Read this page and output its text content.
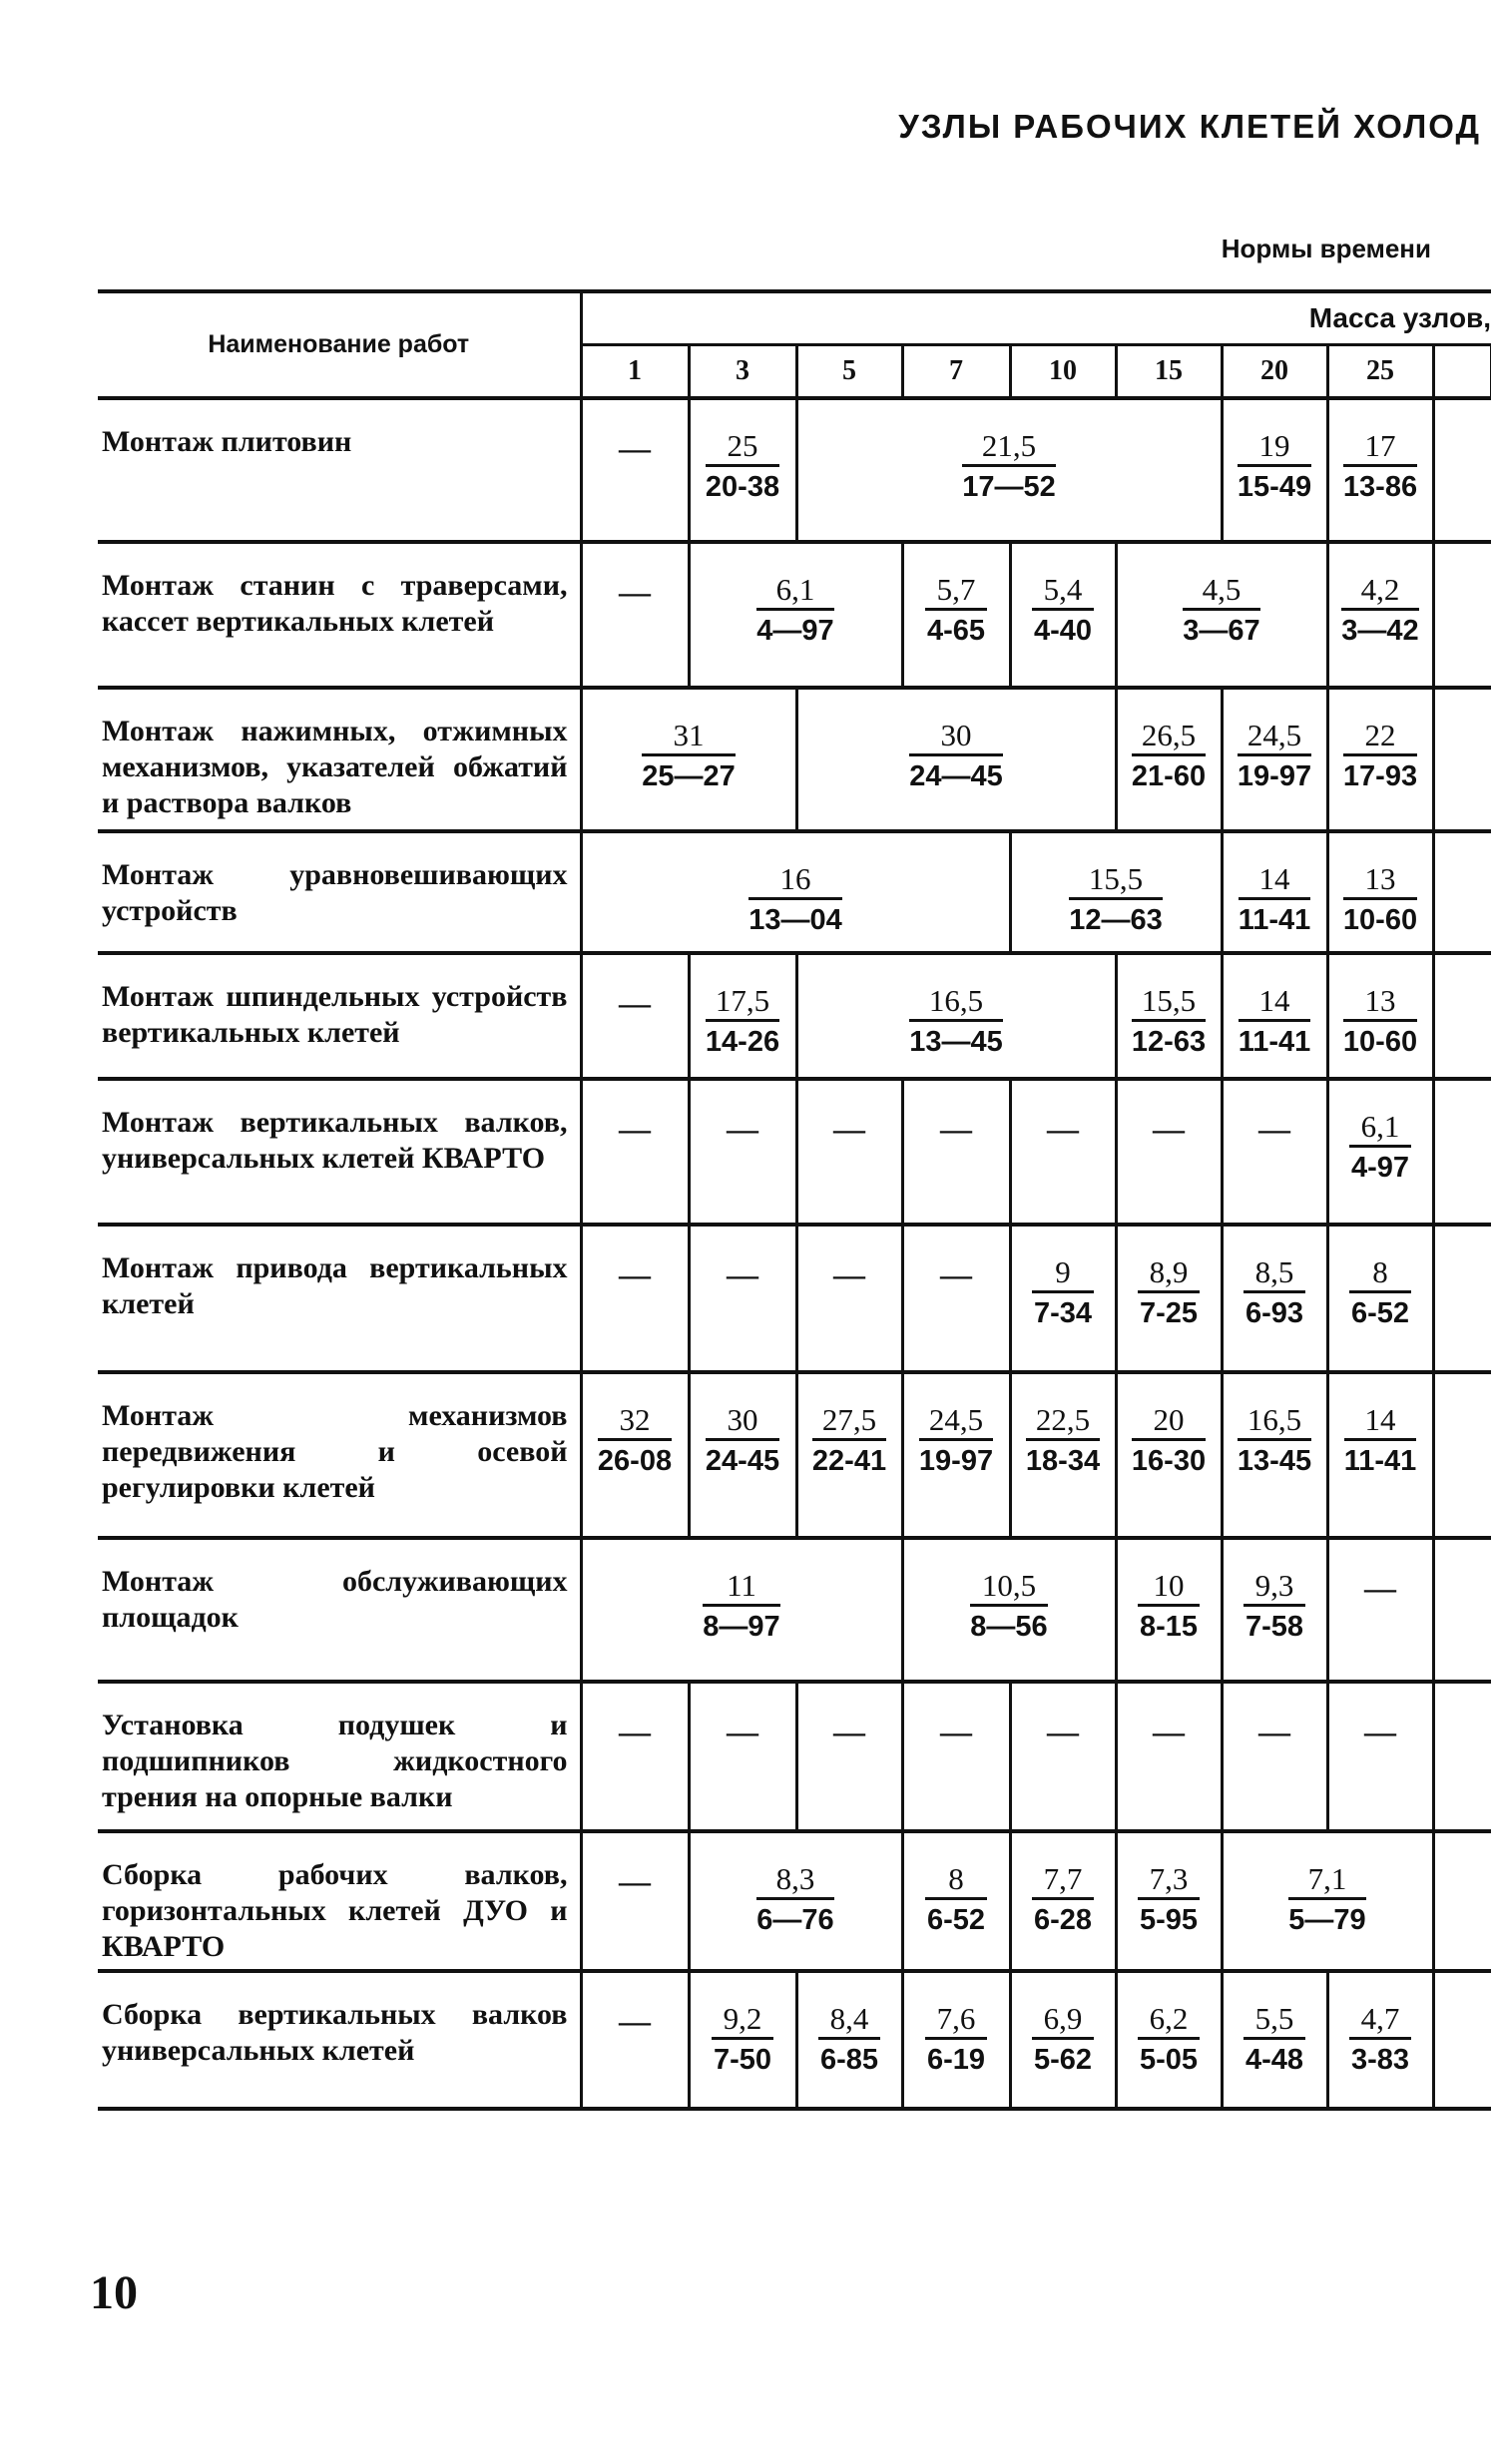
УЗЛЫ РАБОЧИХ КЛЕТЕЙ ХОЛОД
Нормы времени
Наименование работ	Масса узлов,								
	1	3	5	7	10	15	20	25	

Монтаж плитовин	—	$\frac{25}{20-38}$	$\frac{21,5}{17—52}$				$\frac{19}{15-49}$	$\frac{17}{13-86}$

Монтаж станин с траверсами, кассет вертикальных клетей	—	$\frac{6,1}{4—97}$		$\frac{5,7}{4-65}$	$\frac{5,4}{4-40}$	$\frac{4,5}{3—67}$		$\frac{4,2}{3—42}$

Монтаж нажимных, отжимных механизмов, указателей обжатий и раствора валков	$\frac{31}{25—27}$		$\frac{30}{24—45}$			$\frac{26,5}{21-60}$	$\frac{24,5}{19-97}$	$\frac{22}{17-93}$

Монтаж уравновешивающих устройств	$\frac{16}{13—04}$				$\frac{15,5}{12—63}$		$\frac{14}{11-41}$	$\frac{13}{10-60}$

Монтаж шпиндельных устройств вертикальных клетей	—	$\frac{17,5}{14-26}$	$\frac{16,5}{13—45}$			$\frac{15,5}{12-63}$	$\frac{14}{11-41}$	$\frac{13}{10-60}$

Монтаж вертикальных валков, универсальных клетей КВАРТО	—	—	—	—	—	—	—	$\frac{6,1}{4-97}$

Монтаж привода вертикальных клетей	—	—	—	—	$\frac{9}{7-34}$	$\frac{8,9}{7-25}$	$\frac{8,5}{6-93}$	$\frac{8}{6-52}$

Монтаж механизмов передвижения и осевой регулировки клетей	$\frac{32}{26-08}$	$\frac{30}{24-45}$	$\frac{27,5}{22-41}$	$\frac{24,5}{19-97}$	$\frac{22,5}{18-34}$	$\frac{20}{16-30}$	$\frac{16,5}{13-45}$	$\frac{14}{11-41}$

Монтаж обслуживающих площадок	$\frac{11}{8—97}$			$\frac{10,5}{8—56}$		$\frac{10}{8-15}$	$\frac{9,3}{7-58}$	—	

Установка подушек и подшипников жидкостного трения на опорные валки	—	—	—	—	—	—	—	—	

Сборка рабочих валков, горизонтальных клетей ДУО и КВАРТО	—	$\frac{8,3}{6—76}$		$\frac{8}{6-52}$	$\frac{7,7}{6-28}$	$\frac{7,3}{5-95}$	$\frac{7,1}{5—79}$

Сборка вертикальных валков универсальных клетей	—	$\frac{9,2}{7-50}$	$\frac{8,4}{6-85}$	$\frac{7,6}{6-19}$	$\frac{6,9}{5-62}$	$\frac{6,2}{5-05}$	$\frac{5,5}{4-48}$	$\frac{4,7}{3-83}$

10
